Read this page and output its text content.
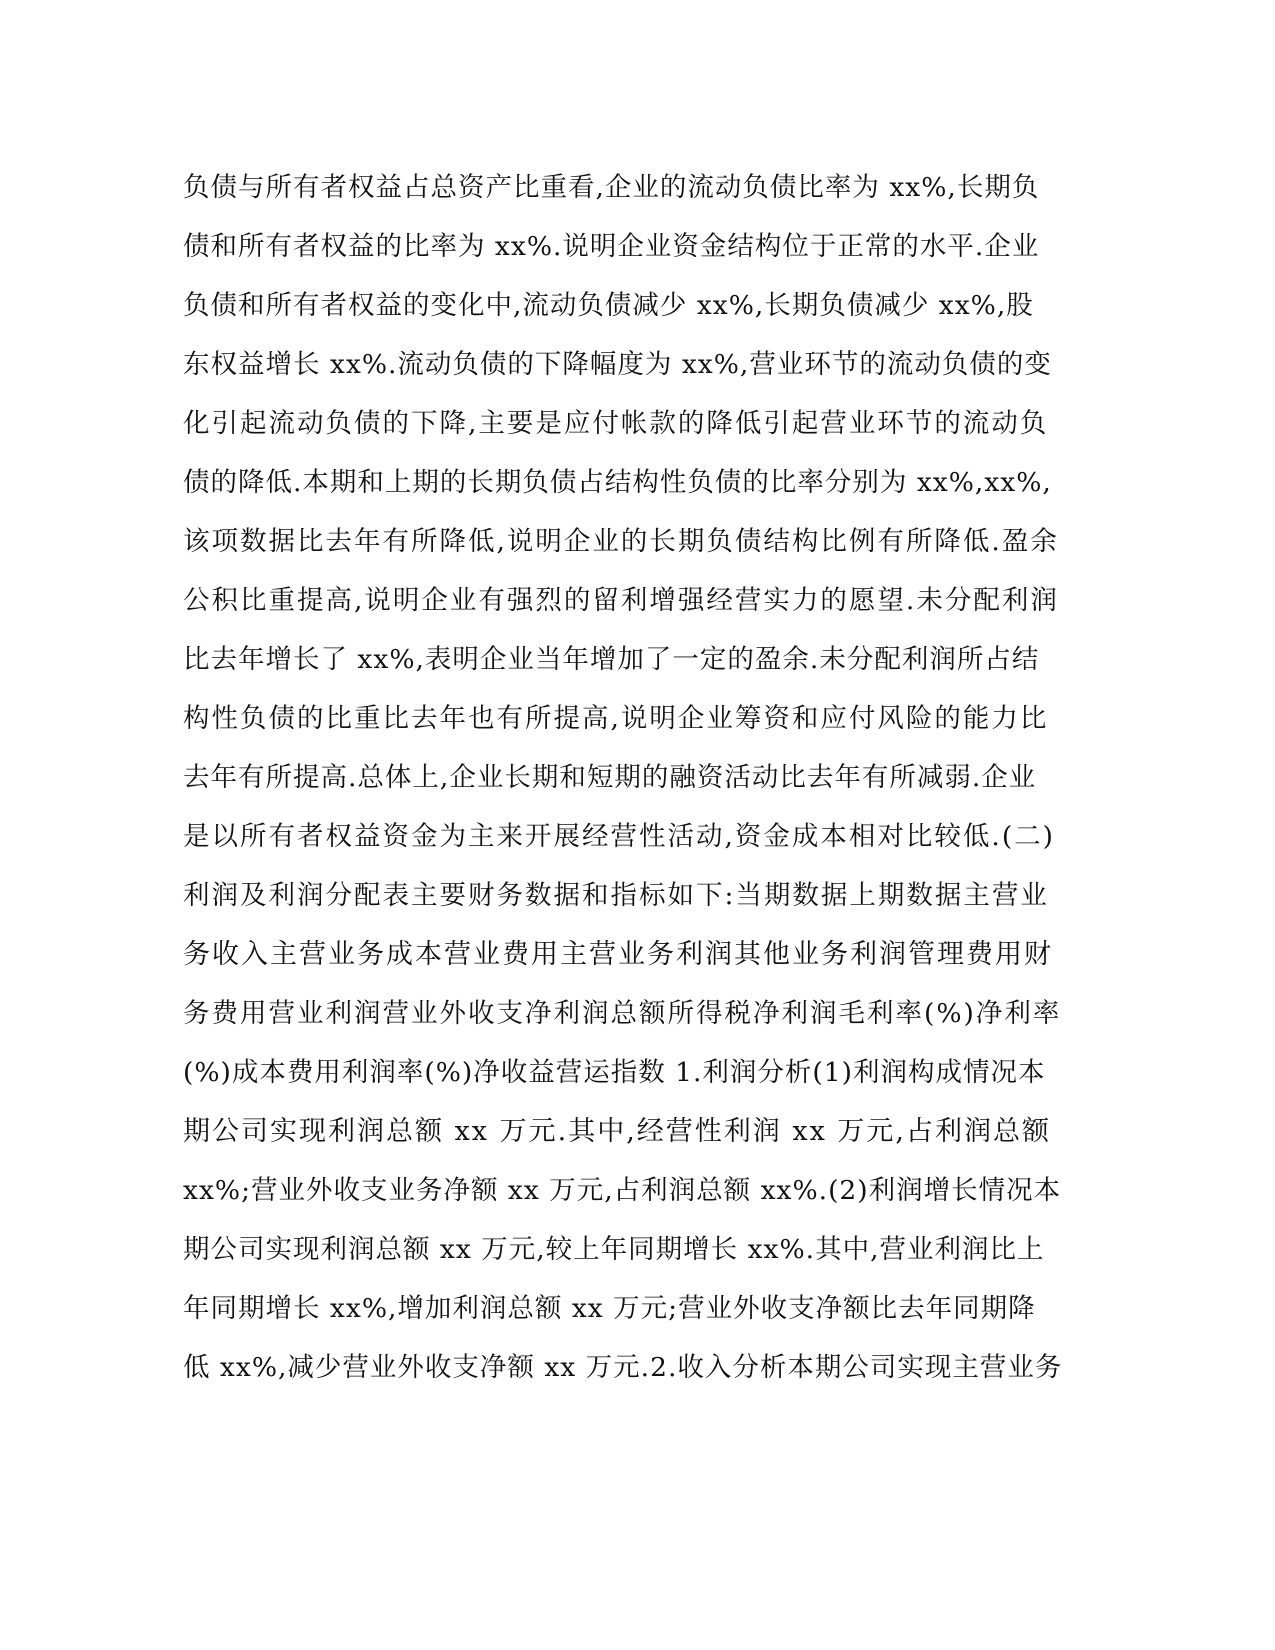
负债与所有者权益占总资产比重看,企业的流动负债比率为 xx%,长期负
债和所有者权益的比率为 xx%.说明企业资金结构位于正常的水平.企业
负债和所有者权益的变化中,流动负债减少 xx%,长期负债减少 xx%,股
东权益增长 xx%.流动负债的下降幅度为 xx%,营业环节的流动负债的变
化引起流动负债的下降,主要是应付帐款的降低引起营业环节的流动负
债的降低.本期和上期的长期负债占结构性负债的比率分别为 xx%,xx%,
该项数据比去年有所降低,说明企业的长期负债结构比例有所降低.盈余
公积比重提高,说明企业有强烈的留利增强经营实力的愿望.未分配利润
比去年增长了 xx%,表明企业当年增加了一定的盈余.未分配利润所占结
构性负债的比重比去年也有所提高,说明企业筹资和应付风险的能力比
去年有所提高.总体上,企业长期和短期的融资活动比去年有所减弱.企业
是以所有者权益资金为主来开展经营性活动,资金成本相对比较低.(二)
利润及利润分配表主要财务数据和指标如下:当期数据上期数据主营业
务收入主营业务成本营业费用主营业务利润其他业务利润管理费用财
务费用营业利润营业外收支净利润总额所得税净利润毛利率(%)净利率
(%)成本费用利润率(%)净收益营运指数 1.利润分析(1)利润构成情况本
期公司实现利润总额 xx 万元.其中,经营性利润 xx 万元,占利润总额
xx%;营业外收支业务净额 xx 万元,占利润总额 xx%.(2)利润增长情况本
期公司实现利润总额 xx 万元,较上年同期增长 xx%.其中,营业利润比上
年同期增长 xx%,增加利润总额 xx 万元;营业外收支净额比去年同期降
低 xx%,减少营业外收支净额 xx 万元.2.收入分析本期公司实现主营业务
